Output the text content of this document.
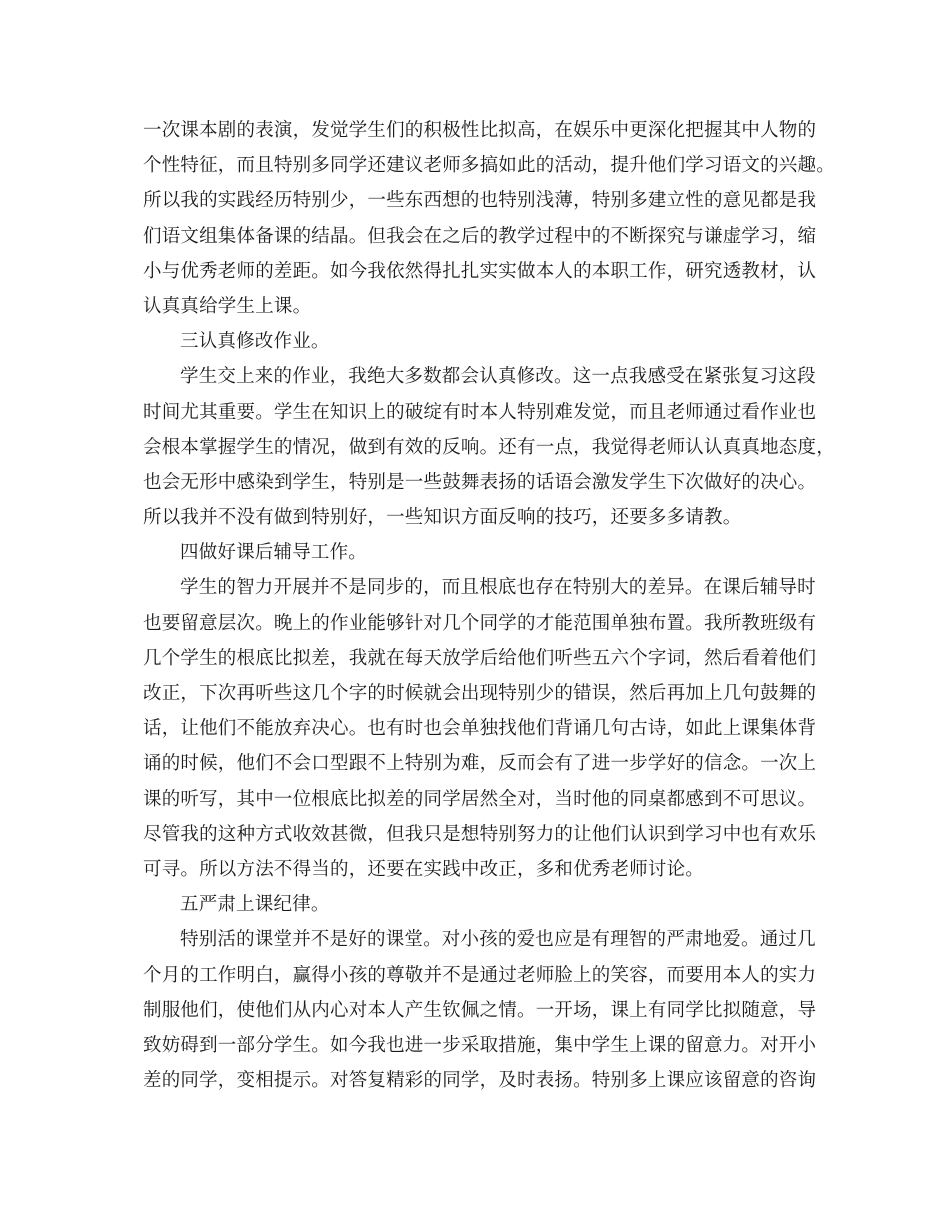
一次课本剧的表演，发觉学生们的积极性比拟高，在娱乐中更深化把握其中人物的
个性特征，而且特别多同学还建议老师多搞如此的活动，提升他们学习语文的兴趣。
所以我的实践经历特别少，一些东西想的也特别浅薄，特别多建立性的意见都是我
们语文组集体备课的结晶。但我会在之后的教学过程中的不断探究与谦虚学习，缩
小与优秀老师的差距。如今我依然得扎扎实实做本人的本职工作，研究透教材，认
认真真给学生上课。
三认真修改作业。
学生交上来的作业，我绝大多数都会认真修改。这一点我感受在紧张复习这段
时间尤其重要。学生在知识上的破绽有时本人特别难发觉，而且老师通过看作业也
会根本掌握学生的情况，做到有效的反响。还有一点，我觉得老师认认真真地态度，
也会无形中感染到学生，特别是一些鼓舞表扬的话语会激发学生下次做好的决心。
所以我并不没有做到特别好，一些知识方面反响的技巧，还要多多请教。
四做好课后辅导工作。
学生的智力开展并不是同步的，而且根底也存在特别大的差异。在课后辅导时
也要留意层次。晚上的作业能够针对几个同学的才能范围单独布置。我所教班级有
几个学生的根底比拟差，我就在每天放学后给他们听些五六个字词，然后看着他们
改正，下次再听些这几个字的时候就会出现特别少的错误，然后再加上几句鼓舞的
话，让他们不能放弃决心。也有时也会单独找他们背诵几句古诗，如此上课集体背
诵的时候，他们不会口型跟不上特别为难，反而会有了进一步学好的信念。一次上
课的听写，其中一位根底比拟差的同学居然全对，当时他的同桌都感到不可思议。
尽管我的这种方式收效甚微，但我只是想特别努力的让他们认识到学习中也有欢乐
可寻。所以方法不得当的，还要在实践中改正，多和优秀老师讨论。
五严肃上课纪律。
特别活的课堂并不是好的课堂。对小孩的爱也应是有理智的严肃地爱。通过几
个月的工作明白，赢得小孩的尊敬并不是通过老师脸上的笑容，而要用本人的实力
制服他们，使他们从内心对本人产生钦佩之情。一开场，课上有同学比拟随意，导
致妨碍到一部分学生。如今我也进一步采取措施，集中学生上课的留意力。对开小
差的同学，变相提示。对答复精彩的同学，及时表扬。特别多上课应该留意的咨询
